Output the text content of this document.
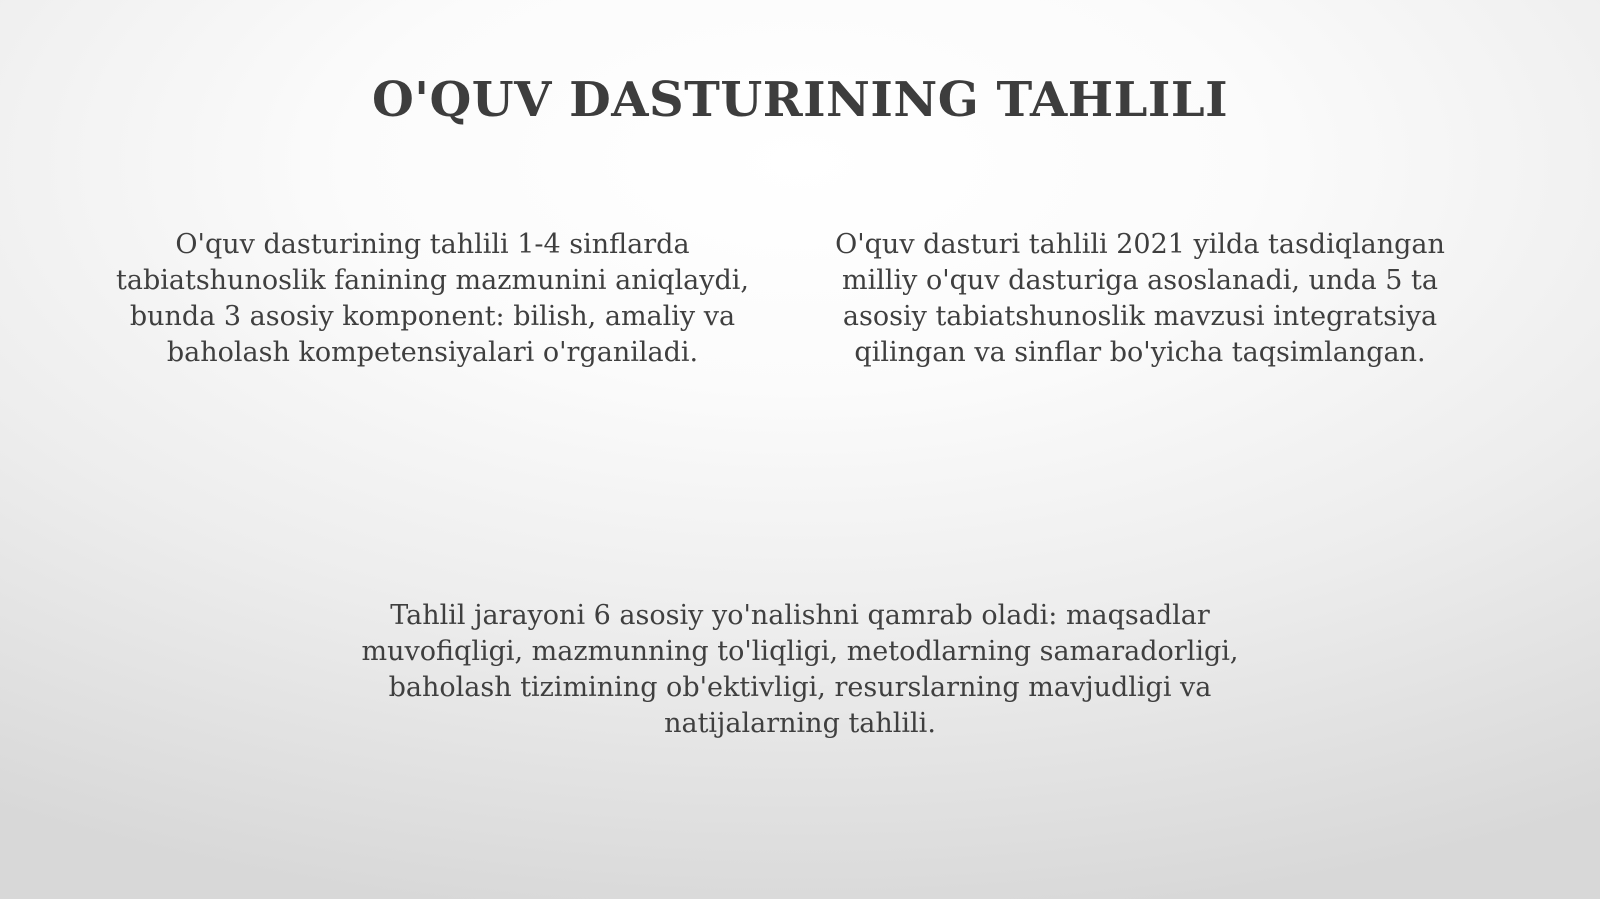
O'QUV DASTURINING TAHLILI
O'quv dasturining tahlili 1-4 sinflarda tabiatshunoslik fanining mazmunini aniqlaydi, bunda 3 asosiy komponent: bilish, amaliy va baholash kompetensiyalari o'rganiladi.
O'quv dasturi tahlili 2021 yilda tasdiqlangan milliy o'quv dasturiga asoslanadi, unda 5 ta asosiy tabiatshunoslik mavzusi integratsiya qilingan va sinflar bo'yicha taqsimlangan.
Tahlil jarayoni 6 asosiy yo'nalishni qamrab oladi: maqsadlar muvofiqligi, mazmunning to'liqligi, metodlarning samaradorligi, baholash tizimining ob'ektivligi, resurslarning mavjudligi va natijalarning tahlili.
